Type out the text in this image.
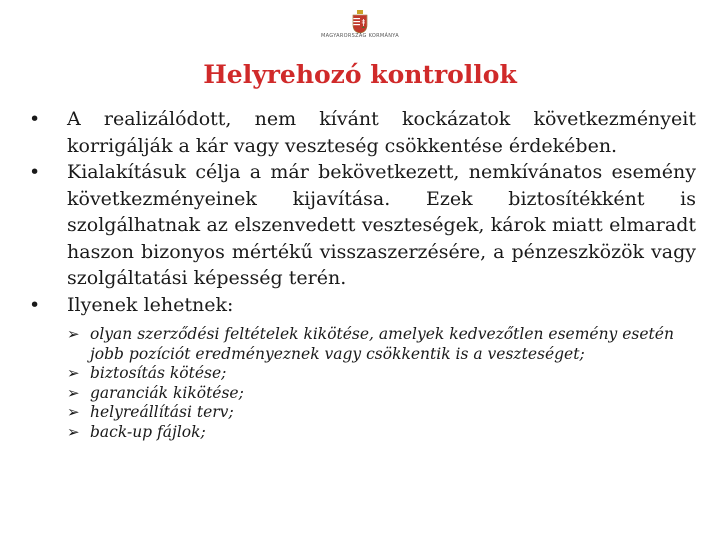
MAGYARORSZÁG KORMÁNYA
Helyrehozó kontrollok
• A realizálódott, nem kívánt kockázatok következményeit korrigálják a kár vagy veszteség csökkentése érdekében.
• Kialakításuk célja a már bekövetkezett, nemkívánatos esemény következményeinek kijavítása. Ezek biztosítékként is szolgálhatnak az elszenvedett veszteségek, károk miatt elmaradt haszon bizonyos mértékű visszaszerzésére, a pénzeszközök vagy szolgáltatási képesség terén.
• Ilyenek lehetnek:
➢ olyan szerződési feltételek kikötése, amelyek kedvezőtlen esemény esetén jobb pozíciót eredményeznek vagy csökkentik is a veszteséget;
➢ biztosítás kötése;
➢ garanciák kikötése;
➢ helyreállítási terv;
➢ back-up fájlok;
